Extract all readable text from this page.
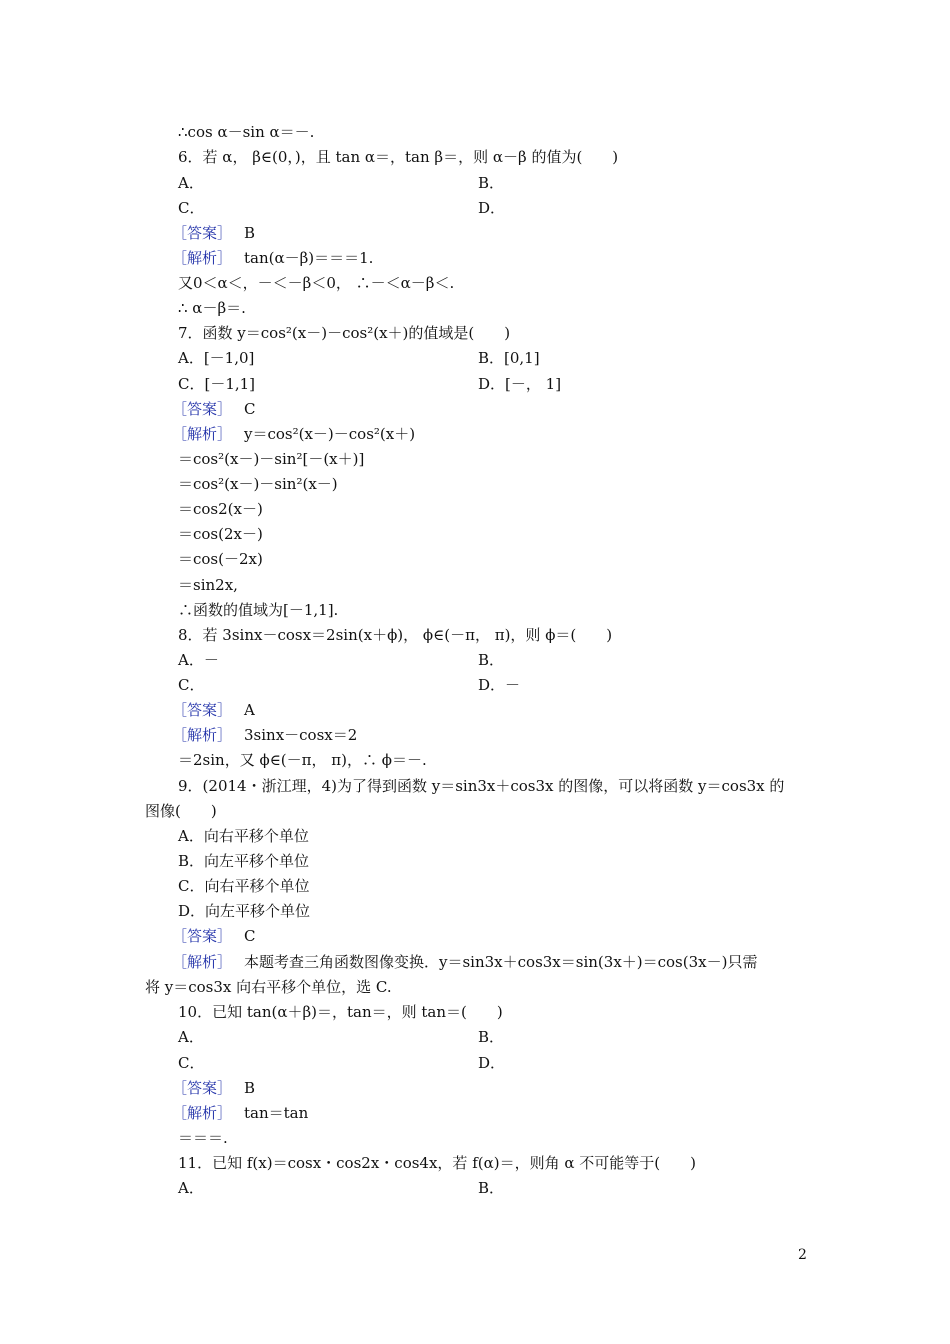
∴cos α－sin α＝－.
6．若 α， β∈(0，)，且 tan α＝，tan β＝，则 α－β 的值为(　　)
A．	B．
C．	D．
［答案］ B
［解析］ tan(α－β)＝＝＝1.
又0＜α＜，－＜－β＜0， ∴－＜α－β＜.
∴ α－β＝.
7．函数 y＝cos²(x－)－cos²(x＋)的值域是(　　)
A．[－1,0]	B．[0,1]
C．[－1,1]	D．[－， 1]
［答案］ C
［解析］ y＝cos²(x－)－cos²(x＋)
＝cos²(x－)－sin²[－(x＋)]
＝cos²(x－)－sin²(x－)
＝cos2(x－)
＝cos(2x－)
＝cos(－2x)
＝sin2x,
∴函数的值域为[－1,1].
8．若 3sinx－cosx＝2sin(x＋ϕ)， ϕ∈(－π， π)，则 ϕ＝(　　)
A．－	B．
C．	D．－
［答案］ A
［解析］ 3sinx－cosx＝2
＝2sin，又 ϕ∈(－π， π)，∴ ϕ＝－.
9．(2014・浙江理，4)为了得到函数 y＝sin3x＋cos3x 的图像，可以将函数 y＝cos3x 的
图像(　　)
A．向右平移个单位
B．向左平移个单位
C．向右平移个单位
D．向左平移个单位
［答案］ C
［解析］ 本题考查三角函数图像变换．y＝sin3x＋cos3x＝sin(3x＋)＝cos(3x－)只需
将 y＝cos3x 向右平移个单位，选 C.
10．已知 tan(α＋β)＝，tan＝，则 tan＝(　　)
A．	B．
C．	D．
［答案］ B
［解析］ tan＝tan
＝＝＝.
11．已知 f(x)＝cosx・cos2x・cos4x，若 f(α)＝，则角 α 不可能等于(　　)
A．	B．
2
